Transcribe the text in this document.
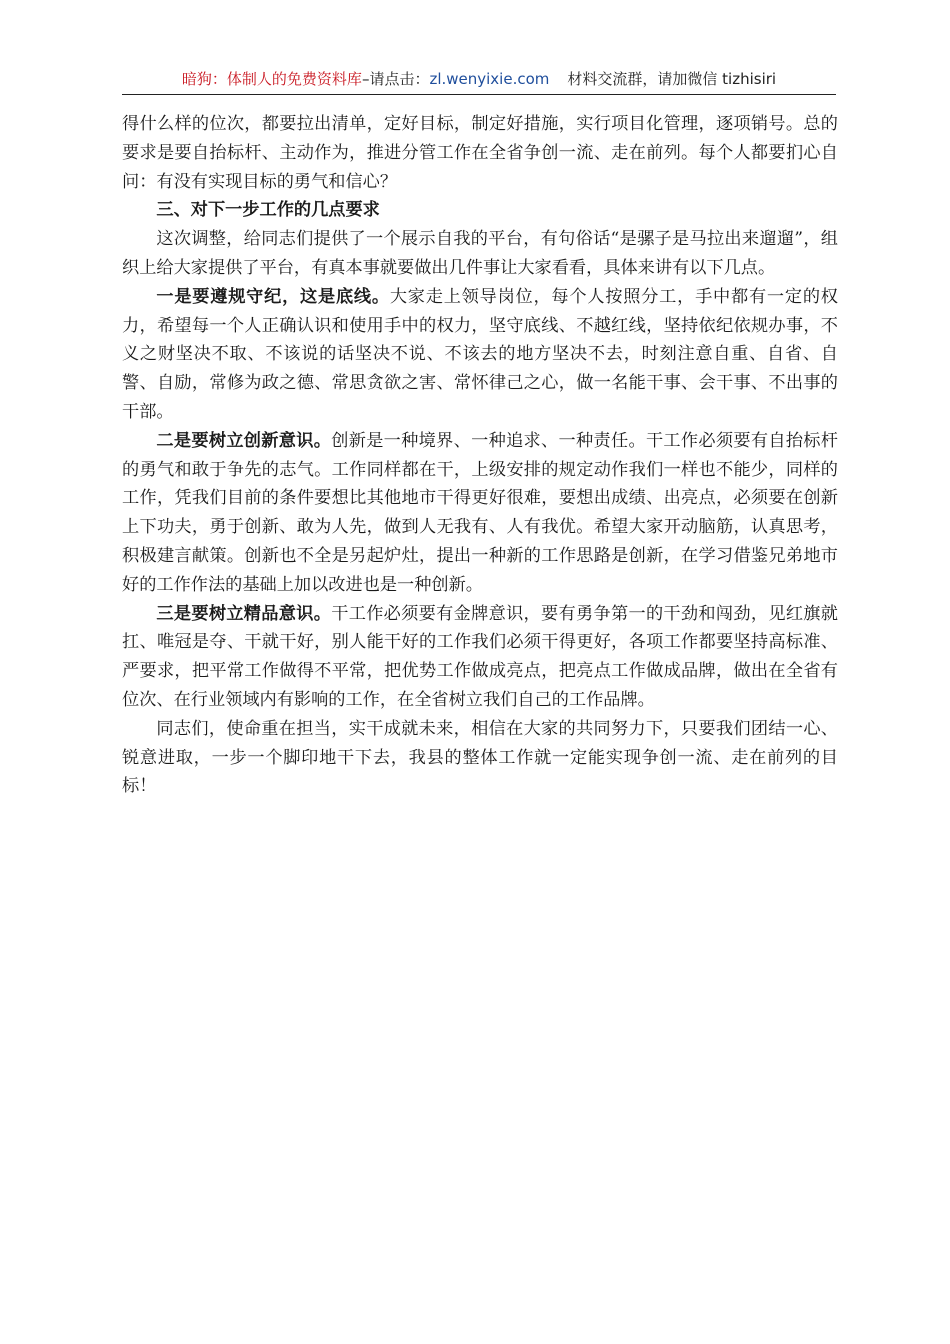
暗狗：体制人的免费资料库–请点击：zl.wenyixie.com 材料交流群，请加微信 tizhisiri

得什么样的位次，都要拉出清单，定好目标，制定好措施，实行项目化管理，逐项销号。总的要求是要自抬标杆、主动作为，推进分管工作在全省争创一流、走在前列。每个人都要扪心自问：有没有实现目标的勇气和信心？

三、对下一步工作的几点要求

这次调整，给同志们提供了一个展示自我的平台，有句俗话“是骡子是马拉出来遛遛”，组织上给大家提供了平台，有真本事就要做出几件事让大家看看，具体来讲有以下几点。

一是要遵规守纪，这是底线。大家走上领导岗位，每个人按照分工，手中都有一定的权力，希望每一个人正确认识和使用手中的权力，坚守底线、不越红线，坚持依纪依规办事，不义之财坚决不取、不该说的话坚决不说、不该去的地方坚决不去，时刻注意自重、自省、自警、自励，常修为政之德、常思贪欲之害、常怀律己之心，做一名能干事、会干事、不出事的干部。

二是要树立创新意识。创新是一种境界、一种追求、一种责任。干工作必须要有自抬标杆的勇气和敢于争先的志气。工作同样都在干，上级安排的规定动作我们一样也不能少，同样的工作，凭我们目前的条件要想比其他地市干得更好很难，要想出成绩、出亮点，必须要在创新上下功夫，勇于创新、敢为人先，做到人无我有、人有我优。希望大家开动脑筋，认真思考，积极建言献策。创新也不全是另起炉灶，提出一种新的工作思路是创新，在学习借鉴兄弟地市好的工作作法的基础上加以改进也是一种创新。

三是要树立精品意识。干工作必须要有金牌意识，要有勇争第一的干劲和闯劲，见红旗就扛、唯冠是夺、干就干好，别人能干好的工作我们必须干得更好，各项工作都要坚持高标准、严要求，把平常工作做得不平常，把优势工作做成亮点，把亮点工作做成品牌，做出在全省有位次、在行业领域内有影响的工作，在全省树立我们自己的工作品牌。

同志们，使命重在担当，实干成就未来，相信在大家的共同努力下，只要我们团结一心、锐意进取，一步一个脚印地干下去，我县的整体工作就一定能实现争创一流、走在前列的目标！
